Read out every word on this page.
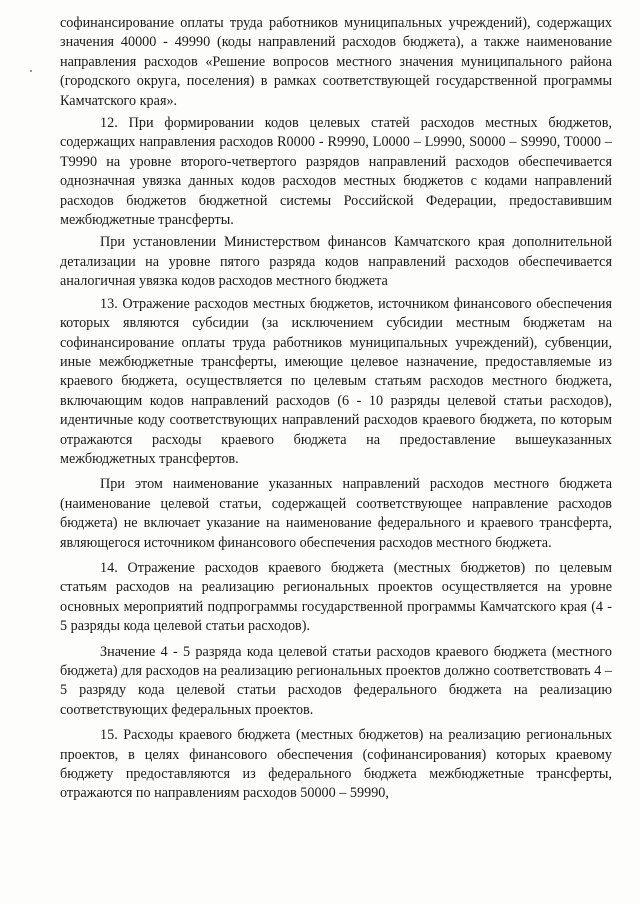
софинансирование оплаты труда работников муниципальных учреждений), содержащих значения 40000 - 49990 (коды направлений расходов бюджета), а также наименование направления расходов «Решение вопросов местного значения муниципального района (городского округа, поселения) в рамках соответствующей государственной программы Камчатского края».

12. При формировании кодов целевых статей расходов местных бюджетов, содержащих направления расходов R0000 - R9990, L0000 – L9990, S0000 – S9990, T0000 – T9990 на уровне второго-четвертого разрядов направлений расходов обеспечивается однозначная увязка данных кодов расходов местных бюджетов с кодами направлений расходов бюджетов бюджетной системы Российской Федерации, предоставившим межбюджетные трансферты.

При установлении Министерством финансов Камчатского края дополнительной детализации на уровне пятого разряда кодов направлений расходов обеспечивается аналогичная увязка кодов расходов местного бюджета

13. Отражение расходов местных бюджетов, источником финансового обеспечения которых являются субсидии (за исключением субсидии местным бюджетам на софинансирование оплаты труда работников муниципальных учреждений), субвенции, иные межбюджетные трансферты, имеющие целевое назначение, предоставляемые из краевого бюджета, осуществляется по целевым статьям расходов местного бюджета, включающим кодов направлений расходов (6 - 10 разряды целевой статьи расходов), идентичные коду соответствующих направлений расходов краевого бюджета, по которым отражаются расходы краевого бюджета на предоставление вышеуказанных межбюджетных трансфертов.

При этом наименование указанных направлений расходов местного бюджета (наименование целевой статьи, содержащей соответствующее направление расходов бюджета) не включает указание на наименование федерального и краевого трансферта, являющегося источником финансового обеспечения расходов местного бюджета.

14. Отражение расходов краевого бюджета (местных бюджетов) по целевым статьям расходов на реализацию региональных проектов осуществляется на уровне основных мероприятий подпрограммы государственной программы Камчатского края (4 - 5 разряды кода целевой статьи расходов).

Значение 4 - 5 разряда кода целевой статьи расходов краевого бюджета (местного бюджета) для расходов на реализацию региональных проектов должно соответствовать 4 – 5 разряду кода целевой статьи расходов федерального бюджета на реализацию соответствующих федеральных проектов.

15. Расходы краевого бюджета (местных бюджетов) на реализацию региональных проектов, в целях финансового обеспечения (софинансирования) которых краевому бюджету предоставляются из федерального бюджета межбюджетные трансферты, отражаются по направлениям расходов 50000 – 59990,
